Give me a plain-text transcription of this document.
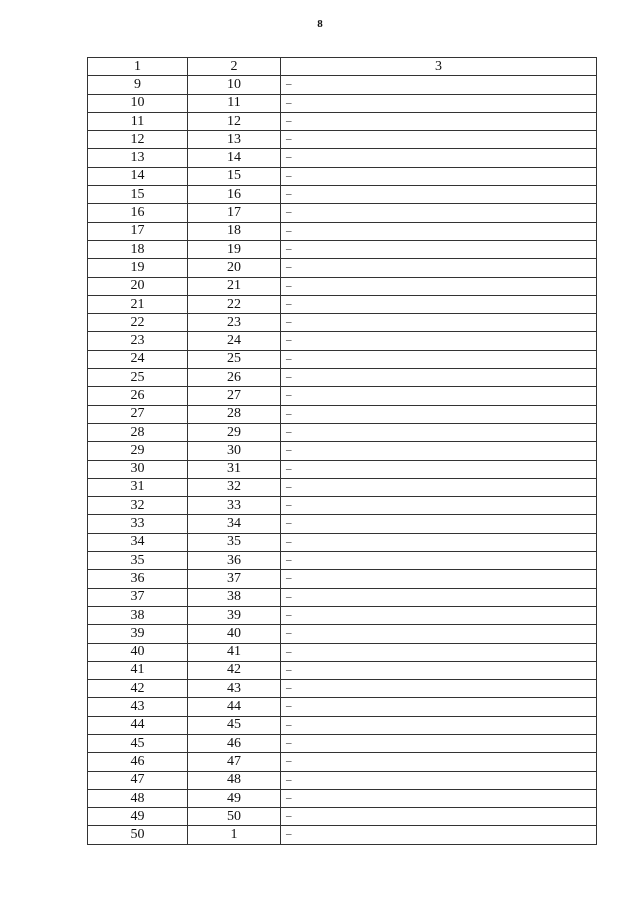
8
1	2	3
9	10	–
10	11	–
11	12	–
12	13	–
13	14	–
14	15	–
15	16	–
16	17	–
17	18	–
18	19	–
19	20	–
20	21	–
21	22	–
22	23	–
23	24	–
24	25	–
25	26	–
26	27	–
27	28	–
28	29	–
29	30	–
30	31	–
31	32	–
32	33	–
33	34	–
34	35	–
35	36	–
36	37	–
37	38	–
38	39	–
39	40	–
40	41	–
41	42	–
42	43	–
43	44	–
44	45	–
45	46	–
46	47	–
47	48	–
48	49	–
49	50	–
50	1	–
